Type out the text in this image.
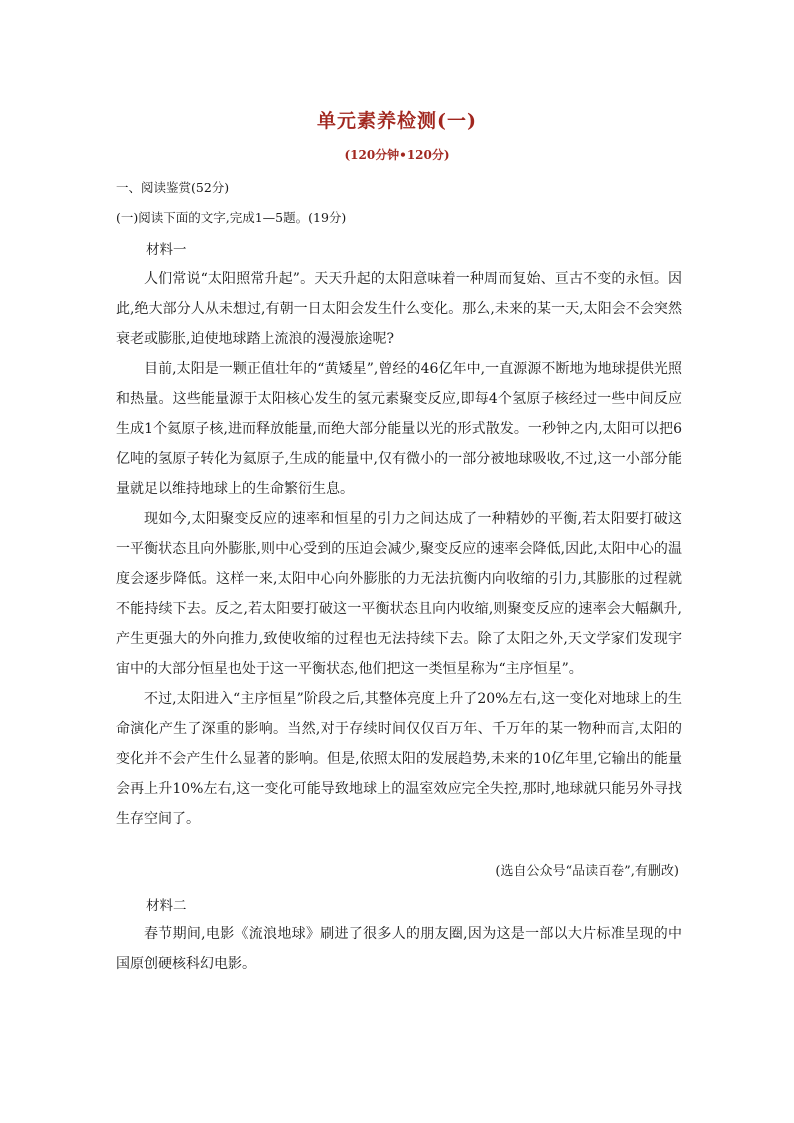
单元素养检测(一)
(120分钟•120分)
一、阅读鉴赏(52分)
(一)阅读下面的文字,完成1—5题。(19分)
材料一

人们常说“太阳照常升起”。天天升起的太阳意味着一种周而复始、亘古不变的永恒。因此,绝大部分人从未想过,有朝一日太阳会发生什么变化。那么,未来的某一天,太阳会不会突然衰老或膨胀,迫使地球踏上流浪的漫漫旅途呢?

目前,太阳是一颗正值壮年的“黄矮星”,曾经的46亿年中,一直源源不断地为地球提供光照和热量。这些能量源于太阳核心发生的氢元素聚变反应,即每4个氢原子核经过一些中间反应生成1个氦原子核,进而释放能量,而绝大部分能量以光的形式散发。一秒钟之内,太阳可以把6亿吨的氢原子转化为氦原子,生成的能量中,仅有微小的一部分被地球吸收,不过,这一小部分能量就足以维持地球上的生命繁衍生息。

现如今,太阳聚变反应的速率和恒星的引力之间达成了一种精妙的平衡,若太阳要打破这一平衡状态且向外膨胀,则中心受到的压迫会减少,聚变反应的速率会降低,因此,太阳中心的温度会逐步降低。这样一来,太阳中心向外膨胀的力无法抗衡内向收缩的引力,其膨胀的过程就不能持续下去。反之,若太阳要打破这一平衡状态且向内收缩,则聚变反应的速率会大幅飙升,产生更强大的外向推力,致使收缩的过程也无法持续下去。除了太阳之外,天文学家们发现宇宙中的大部分恒星也处于这一平衡状态,他们把这一类恒星称为“主序恒星”。

不过,太阳进入“主序恒星”阶段之后,其整体亮度上升了20%左右,这一变化对地球上的生命演化产生了深重的影响。当然,对于存续时间仅仅百万年、千万年的某一物种而言,太阳的变化并不会产生什么显著的影响。但是,依照太阳的发展趋势,未来的10亿年里,它输出的能量会再上升10%左右,这一变化可能导致地球上的温室效应完全失控,那时,地球就只能另外寻找生存空间了。

(选自公众号“品读百卷”,有删改)
材料二

春节期间,电影《流浪地球》刷进了很多人的朋友圈,因为这是一部以大片标准呈现的中国原创硬核科幻电影。
